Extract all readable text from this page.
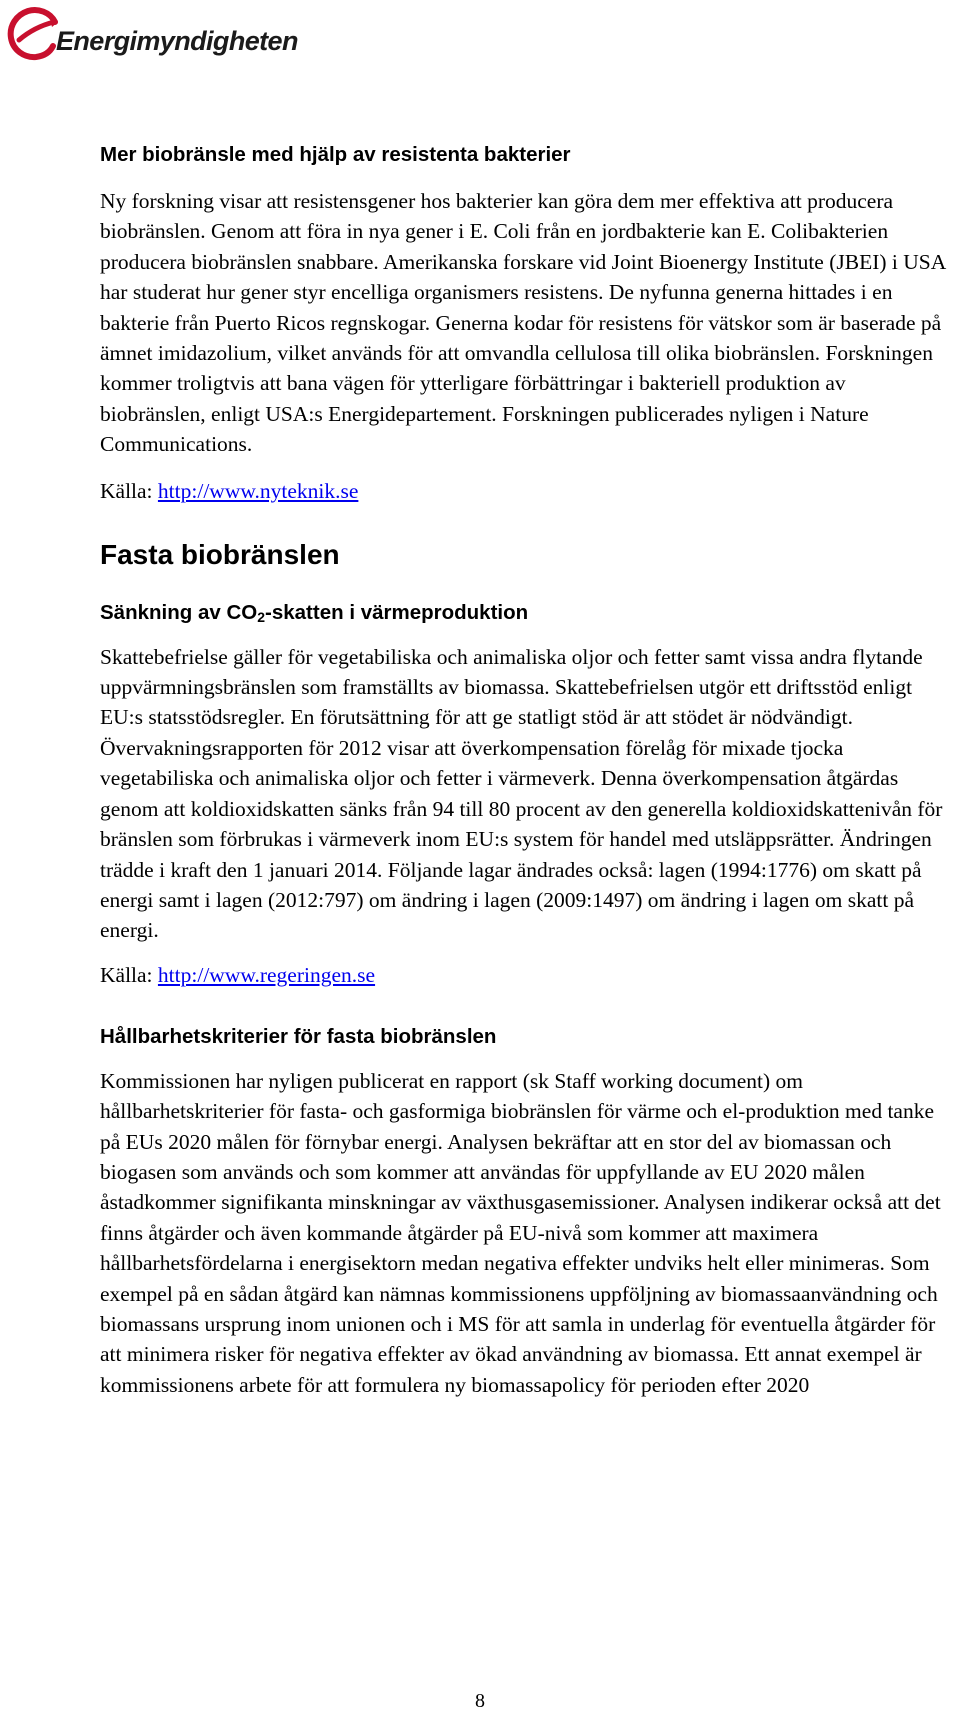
Energimyndigheten
Mer biobränsle med hjälp av resistenta bakterier

Ny forskning visar att resistensgener hos bakterier kan göra dem mer effektiva att producera biobränslen. Genom att föra in nya gener i E. Coli från en jordbakterie kan E. Colibakterien producera biobränslen snabbare. Amerikanska forskare vid Joint Bioenergy Institute (JBEI) i USA har studerat hur gener styr encelliga organismers resistens. De nyfunna generna hittades i en bakterie från Puerto Ricos regnskogar. Generna kodar för resistens för vätskor som är baserade på ämnet imidazolium, vilket används för att omvandla cellulosa till olika biobränslen. Forskningen kommer troligtvis att bana vägen för ytterligare förbättringar i bakteriell produktion av biobränslen, enligt USA:s Energidepartement. Forskningen publicerades nyligen i Nature Communications.

Källa: http://www.nyteknik.se

Fasta biobränslen
Sänkning av $CO_2$-skatten i värmeproduktion

Skattebefrielse gäller för vegetabiliska och animaliska oljor och fetter samt vissa andra flytande uppvärmningsbränslen som framställts av biomassa. Skattebefrielsen utgör ett driftsstöd enligt EU:s statsstödsregler. En förutsättning för att ge statligt stöd är att stödet är nödvändigt. Övervakningsrapporten för 2012 visar att överkompensation förelåg för mixade tjocka vegetabiliska och animaliska oljor och fetter i värmeverk. Denna överkompensation åtgärdas genom att koldioxidskatten sänks från 94 till 80 procent av den generella koldioxidskattenivån för bränslen som förbrukas i värmeverk inom EU:s system för handel med utsläppsrätter. Ändringen trädde i kraft den 1 januari 2014. Följande lagar ändrades också: lagen (1994:1776) om skatt på energi samt i lagen (2012:797) om ändring i lagen (2009:1497) om ändring i lagen om skatt på energi.

Källa: http://www.regeringen.se

Hållbarhetskriterier för fasta biobränslen

Kommissionen har nyligen publicerat en rapport (sk Staff working document) om hållbarhetskriterier för fasta- och gasformiga biobränslen för värme och el-produktion med tanke på EUs 2020 målen för förnybar energi. Analysen bekräftar att en stor del av biomassan och biogasen som används och som kommer att användas för uppfyllande av EU 2020 målen åstadkommer signifikanta minskningar av växthusgasemissioner. Analysen indikerar också att det finns åtgärder och även kommande åtgärder på EU-nivå som kommer att maximera hållbarhetsfördelarna i energisektorn medan negativa effekter undviks helt eller minimeras. Som exempel på en sådan åtgärd kan nämnas kommissionens uppföljning av biomassaanvändning och biomassans ursprung inom unionen och i MS för att samla in underlag för eventuella åtgärder för att minimera risker för negativa effekter av ökad användning av biomassa. Ett annat exempel är kommissionens arbete för att formulera ny biomassapolicy för perioden efter 2020

8
